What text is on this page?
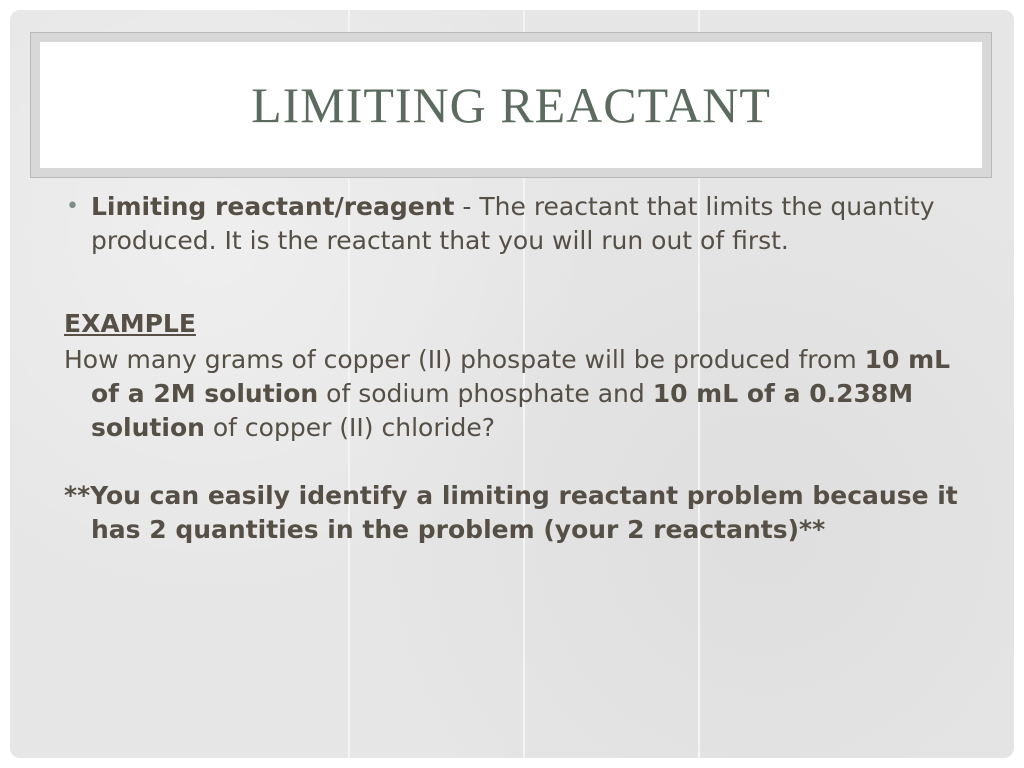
LIMITING REACTANT

• Limiting reactant/reagent - The reactant that limits the quantity produced. It is the reactant that you will run out of first.

EXAMPLE

How many grams of copper (II) phospate will be produced from 10 mL of a 2M solution of sodium phosphate and 10 mL of a 0.238M solution of copper (II) chloride?

**You can easily identify a limiting reactant problem because it has 2 quantities in the problem (your 2 reactants)**
